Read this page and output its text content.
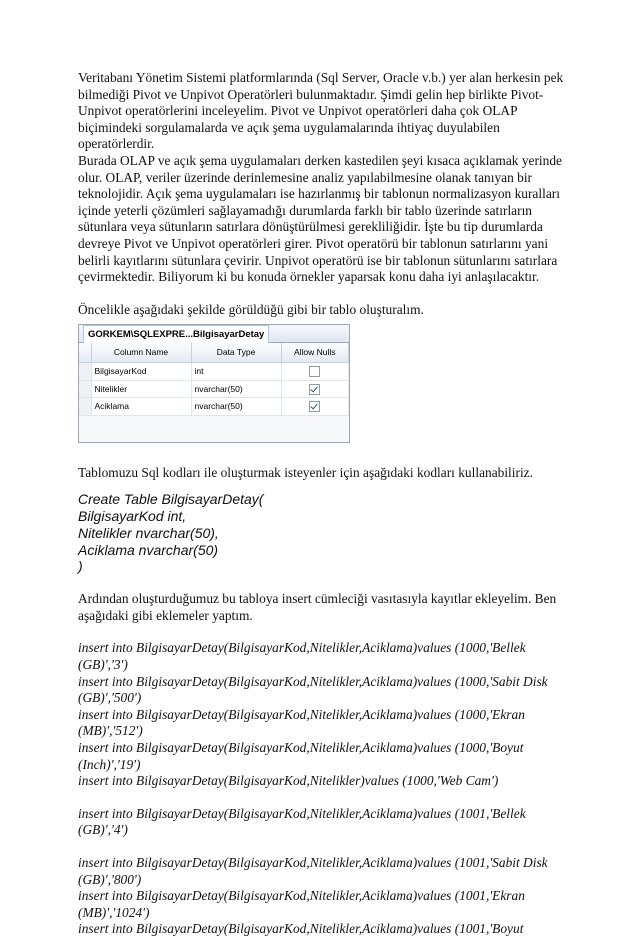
Veritabanı Yönetim Sistemi platformlarında (Sql Server, Oracle v.b.) yer alan herkesin pek

bilmediği Pivot ve Unpivot Operatörleri bulunmaktadır. Şimdi gelin hep birlikte Pivot-

Unpivot operatörlerini inceleyelim. Pivot ve Unpivot operatörleri daha çok OLAP

biçimindeki sorgulamalarda ve açık şema uygulamalarında ihtiyaç duyulabilen operatörlerdir.

Burada OLAP ve açık şema uygulamaları derken kastedilen şeyi kısaca açıklamak yerinde

olur. OLAP, veriler üzerinde derinlemesine analiz yapılabilmesine olanak tanıyan bir

teknolojidir. Açık şema uygulamaları ise hazırlanmış bir tablonun normalizasyon kuralları

içinde yeterli çözümleri sağlayamadığı durumlarda farklı bir tablo üzerinde satırların

sütunlara veya sütunların satırlara dönüştürülmesi gerekliliğidir. İşte bu tip durumlarda

devreye Pivot ve Unpivot operatörleri girer. Pivot operatörü bir tablonun satırlarını yani

belirli kayıtlarını sütunlara çevirir. Unpivot operatörü ise bir tablonun sütunlarını satırlara

çevirmektedir. Biliyorum ki bu konuda örnekler yaparsak konu daha iyi anlaşılacaktır.

Öncelikle aşağıdaki şekilde görüldüğü gibi bir tablo oluşturalım.

GORKEM\SQLEXPRE...BilgisayarDetay
	Column Name	Data Type	Allow Nulls
	BilgisayarKod	int	
	Nitelikler	nvarchar(50)	
	Aciklama	nvarchar(50)	

Tablomuzu Sql kodları ile oluşturmak isteyenler için aşağıdaki kodları kullanabiliriz.

Create Table BilgisayarDetay(

BilgisayarKod int,

Nitelikler nvarchar(50),

Aciklama nvarchar(50)

)

Ardından oluşturduğumuz bu tabloya insert cümleciği vasıtasıyla kayıtlar ekleyelim. Ben

aşağıdaki gibi eklemeler yaptım.

insert into BilgisayarDetay(BilgisayarKod,Nitelikler,Aciklama)values (1000,'Bellek

(GB)','3')

insert into BilgisayarDetay(BilgisayarKod,Nitelikler,Aciklama)values (1000,'Sabit Disk

(GB)','500')

insert into BilgisayarDetay(BilgisayarKod,Nitelikler,Aciklama)values (1000,'Ekran

(MB)','512')

insert into BilgisayarDetay(BilgisayarKod,Nitelikler,Aciklama)values (1000,'Boyut

(Inch)','19')

insert into BilgisayarDetay(BilgisayarKod,Nitelikler)values (1000,'Web Cam')

insert into BilgisayarDetay(BilgisayarKod,Nitelikler,Aciklama)values (1001,'Bellek (GB)','4')

insert into BilgisayarDetay(BilgisayarKod,Nitelikler,Aciklama)values (1001,'Sabit Disk

(GB)','800')

insert into BilgisayarDetay(BilgisayarKod,Nitelikler,Aciklama)values (1001,'Ekran

(MB)','1024')

insert into BilgisayarDetay(BilgisayarKod,Nitelikler,Aciklama)values (1001,'Boyut
